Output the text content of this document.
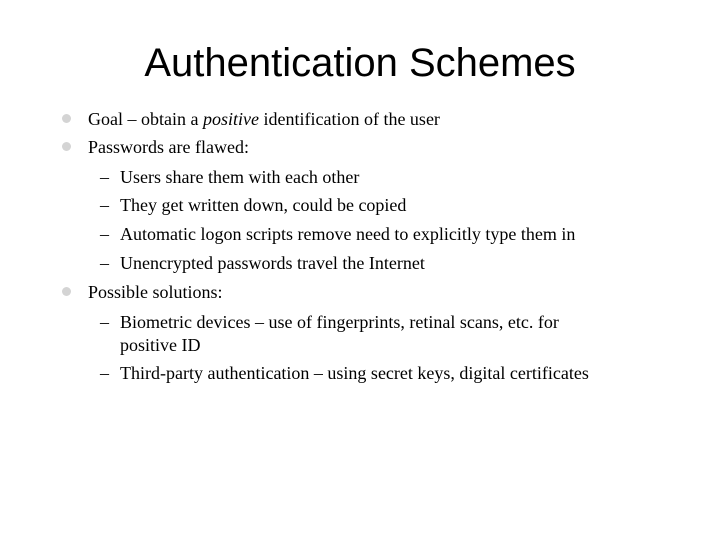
Authentication Schemes
Goal – obtain a positive identification of the user
Passwords are flawed:
– Users share them with each other
– They get written down, could be copied
– Automatic logon scripts remove need to explicitly type them in
– Unencrypted passwords travel the Internet
Possible solutions:
– Biometric devices – use of fingerprints, retinal scans, etc. for
positive ID
– Third-party authentication – using secret keys, digital certificates
